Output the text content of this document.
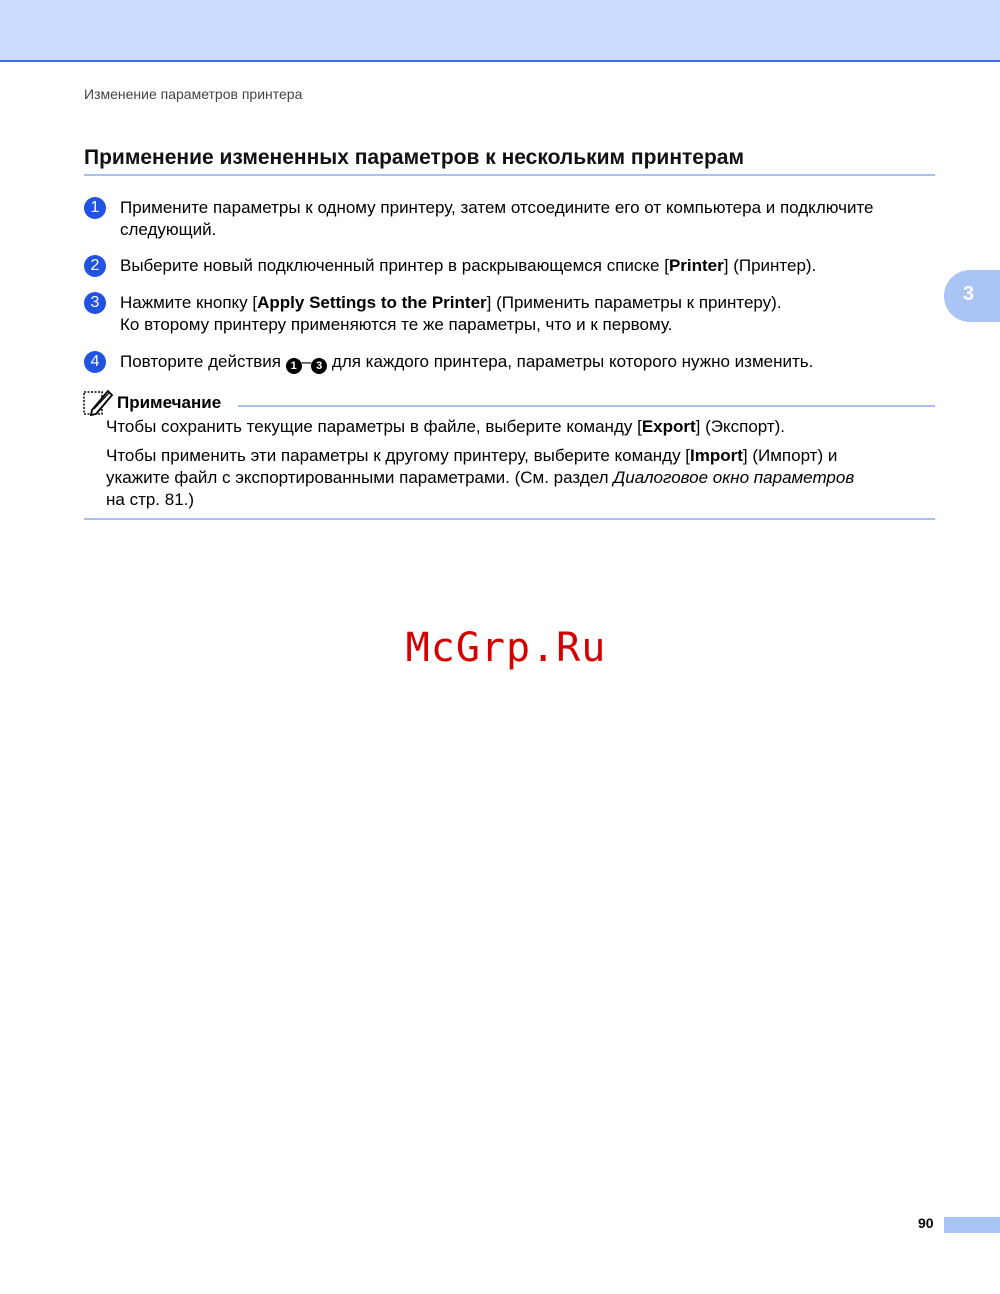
Изменение параметров принтера
Применение измененных параметров к нескольким принтерам
3
1	Примените параметры к одному принтеру, затем отсоедините его от компьютера и подключите
следующий.
2	Выберите новый подключенный принтер в раскрывающемся списке [Printer] (Принтер).
3	Нажмите кнопку [Apply Settings to the Printer] (Применить параметры к принтеру).
Ко второму принтеру применяются те же параметры, что и к первому.
4	Повторите действия 1 – 3 для каждого принтера, параметры которого нужно изменить.
Примечание
Чтобы сохранить текущие параметры в файле, выберите команду [Export] (Экспорт).
Чтобы применить эти параметры к другому принтеру, выберите команду [Import] (Импорт) и
укажите файл с экспортированными параметрами. (См. раздел Диалоговое окно параметров
на стр. 81.)
McGrp.Ru
90
